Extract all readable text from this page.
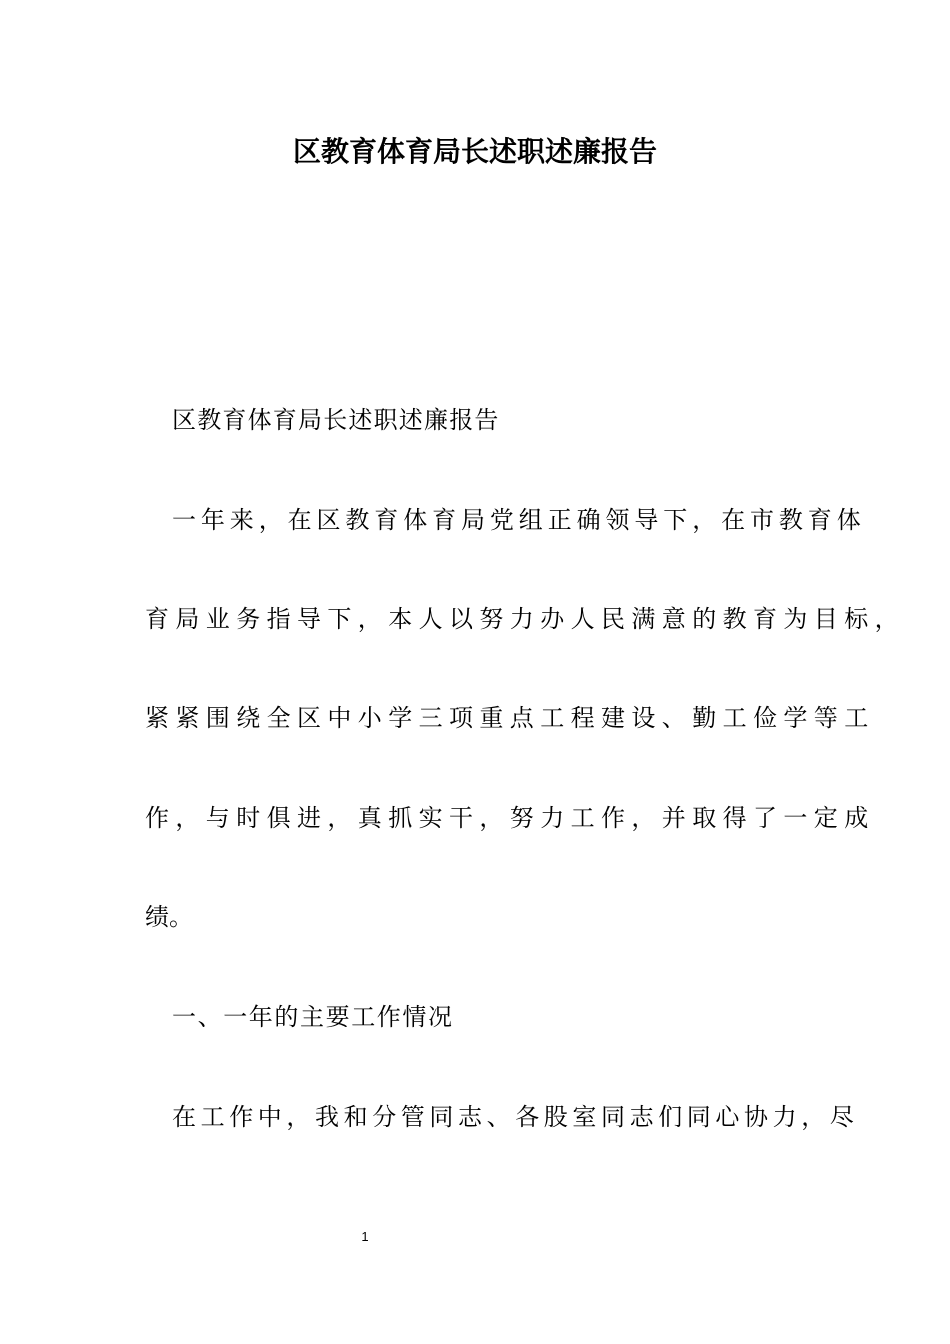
区教育体育局长述职述廉报告
区教育体育局长述职述廉报告
一年来，在区教育体育局党组正确领导下，在市教育体
育局业务指导下，本人以努力办人民满意的教育为目标，
紧紧围绕全区中小学三项重点工程建设、勤工俭学等工
作，与时俱进，真抓实干，努力工作，并取得了一定成
绩。
一、一年的主要工作情况
在工作中，我和分管同志、各股室同志们同心协力，尽
1
